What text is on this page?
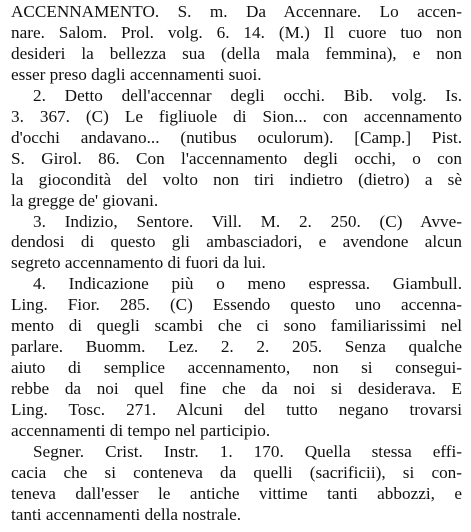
ACCENNAMENTO. S. m. Da Accennare. Lo accen-
nare. Salom. Prol. volg. 6. 14. (M.) Il cuore tuo non
desideri la bellezza sua (della mala femmina), e non
esser preso dagli accennamenti suoi.
2. Detto dell'accennar degli occhi. Bib. volg. Is.
3. 367. (C) Le figliuole di Sion... con accennamento
d'occhi andavano... (nutibus oculorum). [Camp.] Pist.
S. Girol. 86. Con l'accennamento degli occhi, o con
la giocondità del volto non tiri indietro (dietro) a sè
la gregge de' giovani.
3. Indizio, Sentore. Vill. M. 2. 250. (C) Avve-
dendosi di questo gli ambasciadori, e avendone alcun
segreto accennamento di fuori da lui.
4. Indicazione più o meno espressa. Giambull.
Ling. Fior. 285. (C) Essendo questo uno accenna-
mento di quegli scambi che ci sono familiarissimi nel
parlare. Buomm. Lez. 2. 2. 205. Senza qualche
aiuto di semplice accennamento, non si consegui-
rebbe da noi quel fine che da noi si desiderava. E
Ling. Tosc. 271. Alcuni del tutto negano trovarsi
accennamenti di tempo nel participio.
Segner. Crist. Instr. 1. 170. Quella stessa effi-
cacia che si conteneva da quelli (sacrificii), si con-
teneva dall'esser le antiche vittime tanti abbozzi, e
tanti accennamenti della nostrale.
